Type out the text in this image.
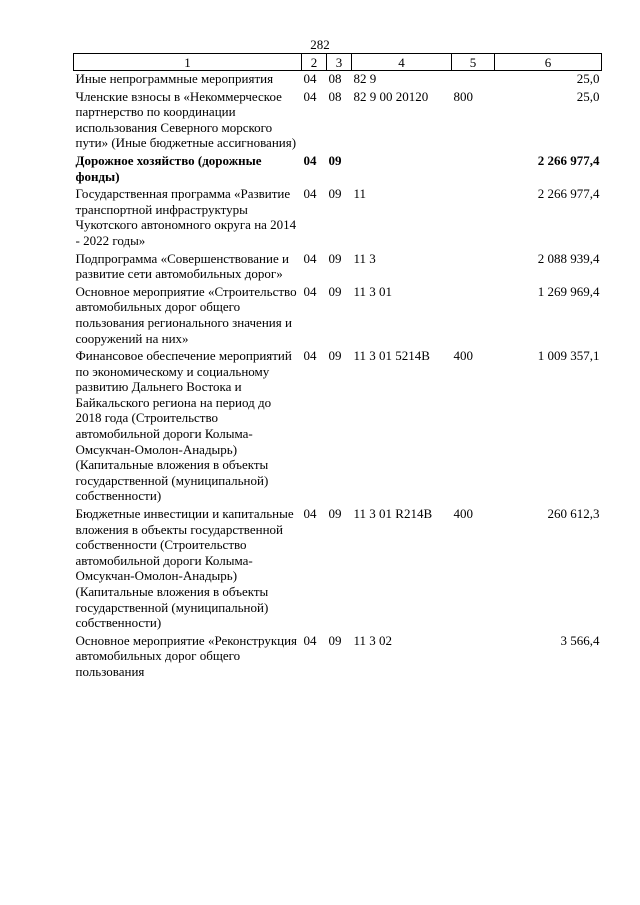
282
1	2	3	4	5	6
Иные непрограммные мероприятия	04	08	82 9		25,0
Членские взносы в «Некоммерческое партнерство по координации использования Северного морского пути» (Иные бюджетные ассигнования)	04	08	82 9 00 20120	800	25,0
Дорожное хозяйство (дорожные фонды)	04	09			2 266 977,4
Государственная программа «Развитие транспортной инфраструктуры Чукотского автономного округа на 2014 - 2022 годы»	04	09	11		2 266 977,4
Подпрограмма «Совершенствование и развитие сети автомобильных дорог»	04	09	11 3		2 088 939,4
Основное мероприятие «Строительство автомобильных дорог общего пользования регионального значения и сооружений на них»	04	09	11 3 01		1 269 969,4
Финансовое обеспечение мероприятий по экономическому и социальному развитию Дальнего Востока и Байкальского региона на период до 2018 года (Строительство автомобильной дороги Колыма-Омсукчан-Омолон-Анадырь) (Капитальные вложения в объекты государственной (муниципальной) собственности)	04	09	11 3 01 5214B	400	1 009 357,1
Бюджетные инвестиции и капитальные вложения в объекты государственной собственности (Строительство автомобильной дороги Колыма-Омсукчан-Омолон-Анадырь) (Капитальные вложения в объекты государственной (муниципальной) собственности)	04	09	11 3 01 R214B	400	260 612,3
Основное мероприятие «Реконструкция автомобильных дорог общего пользования	04	09	11 3 02		3 566,4
